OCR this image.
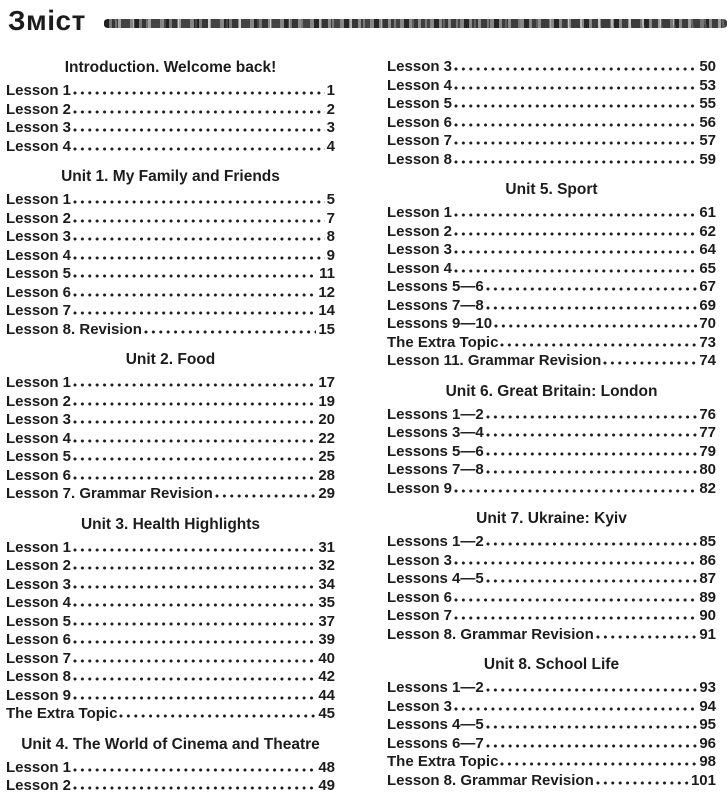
Зміст
Introduction. Welcome back!
Lesson 1	1
Lesson 2	2
Lesson 3	3
Lesson 4	4
Unit 1. My Family and Friends
Lesson 1	5
Lesson 2	7
Lesson 3	8
Lesson 4	9
Lesson 5	11
Lesson 6	12
Lesson 7	14
Lesson 8. Revision	15
Unit 2. Food
Lesson 1	17
Lesson 2	19
Lesson 3	20
Lesson 4	22
Lesson 5	25
Lesson 6	28
Lesson 7. Grammar Revision	29
Unit 3. Health Highlights
Lesson 1	31
Lesson 2	32
Lesson 3	34
Lesson 4	35
Lesson 5	37
Lesson 6	39
Lesson 7	40
Lesson 8	42
Lesson 9	44
The Extra Topic	45
Unit 4. The World of Cinema and Theatre
Lesson 1	48
Lesson 2	49
Lesson 3	50
Lesson 4	53
Lesson 5	55
Lesson 6	56
Lesson 7	57
Lesson 8	59
Unit 5. Sport
Lesson 1	61
Lesson 2	62
Lesson 3	64
Lesson 4	65
Lessons 5—6	67
Lessons 7—8	69
Lessons 9—10	70
The Extra Topic	73
Lesson 11. Grammar Revision	74
Unit 6. Great Britain: London
Lessons 1—2	76
Lessons 3—4	77
Lessons 5—6	79
Lessons 7—8	80
Lesson 9	82
Unit 7. Ukraine: Kyiv
Lessons 1—2	85
Lesson 3	86
Lessons 4—5	87
Lesson 6	89
Lesson 7	90
Lesson 8. Grammar Revision	91
Unit 8. School Life
Lessons 1—2	93
Lesson 3	94
Lessons 4—5	95
Lessons 6—7	96
The Extra Topic	98
Lesson 8. Grammar Revision	101
